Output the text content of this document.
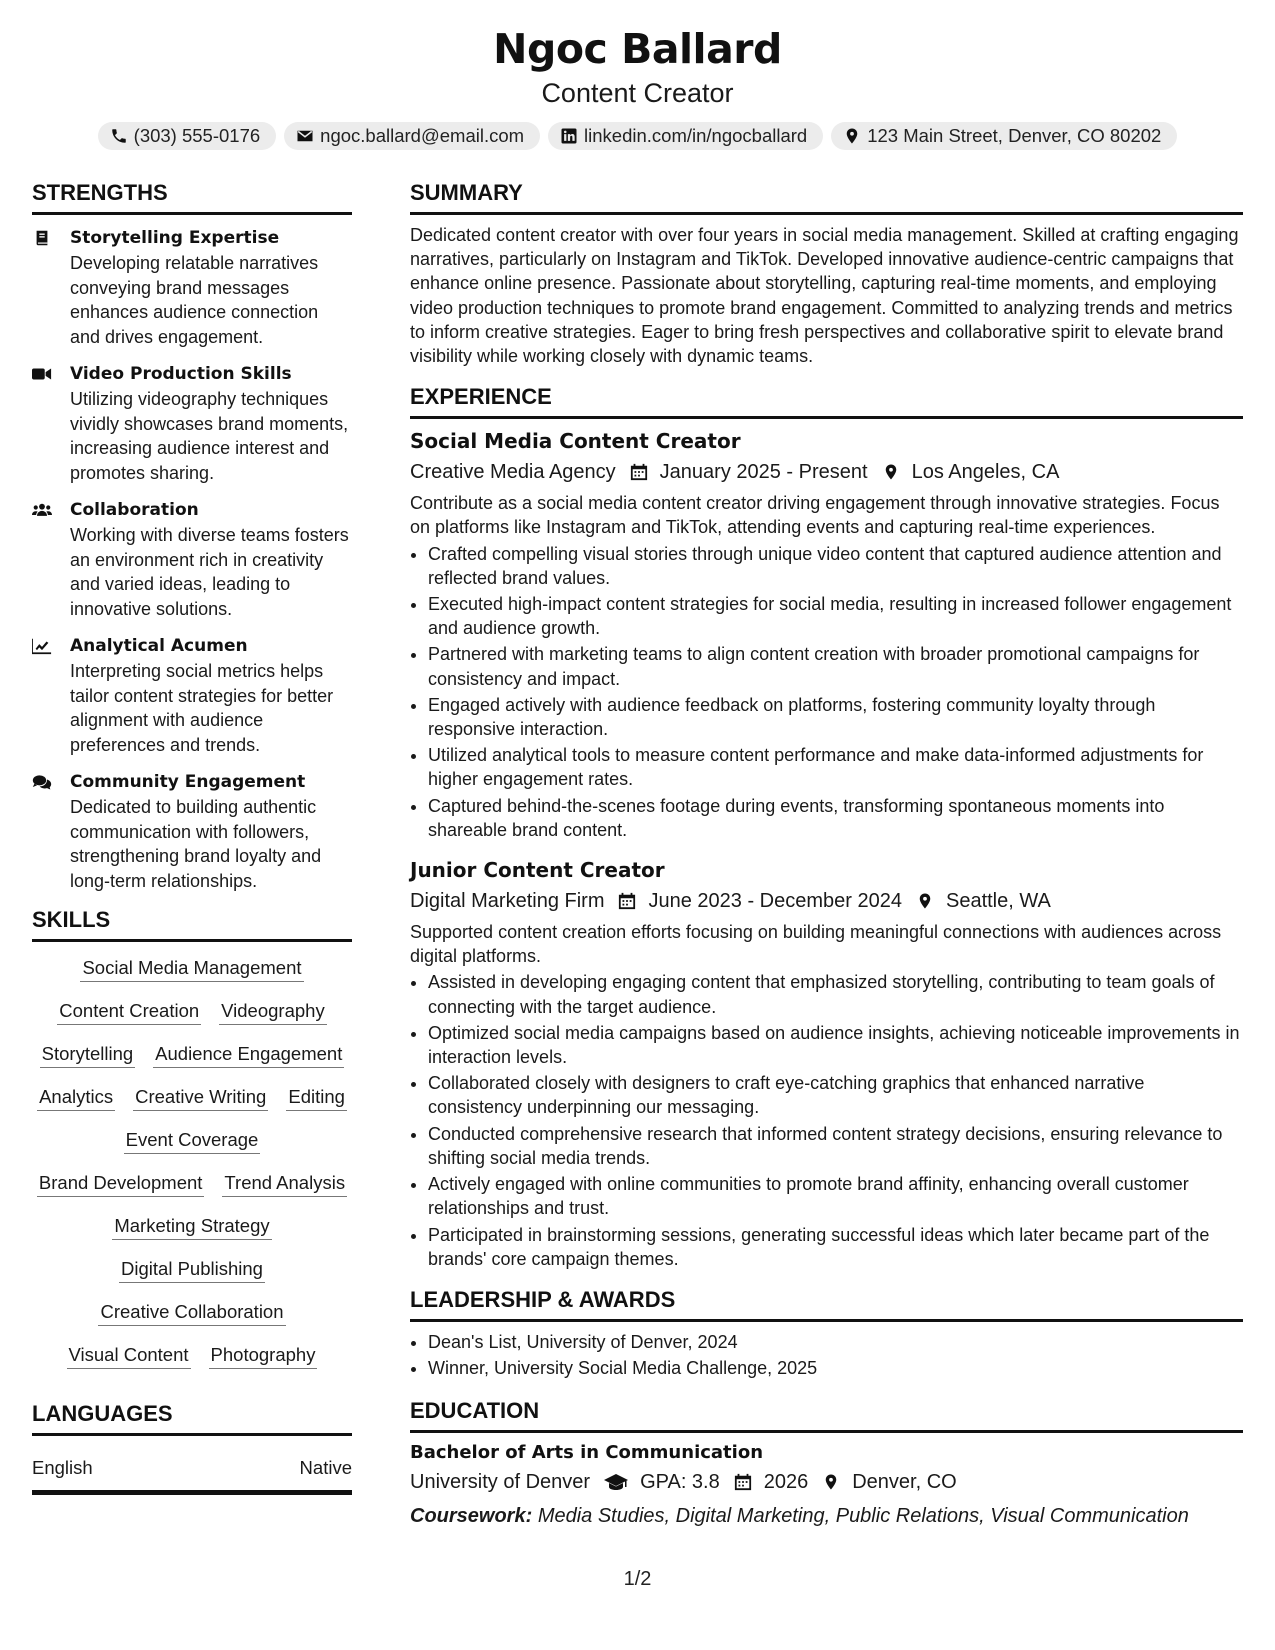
Ngoc Ballard
Content Creator
(303) 555-0176	ngoc.ballard@email.com	linkedin.com/in/ngocballard	123 Main Street, Denver, CO 80202
STRENGTHS
Storytelling Expertise
Developing relatable narratives conveying brand messages enhances audience connection and drives engagement.
Video Production Skills
Utilizing videography techniques vividly showcases brand moments, increasing audience interest and promotes sharing.
Collaboration
Working with diverse teams fosters an environment rich in creativity and varied ideas, leading to innovative solutions.
Analytical Acumen
Interpreting social metrics helps tailor content strategies for better alignment with audience preferences and trends.
Community Engagement
Dedicated to building authentic communication with followers, strengthening brand loyalty and long-term relationships.
SKILLS
Social Media Management
Content Creation Videography
Storytelling Audience Engagement
Analytics Creative Writing Editing
Event Coverage
Brand Development Trend Analysis
Marketing Strategy
Digital Publishing
Creative Collaboration
Visual Content Photography
LANGUAGES
English	Native
SUMMARY
Dedicated content creator with over four years in social media management. Skilled at crafting engaging narratives, particularly on Instagram and TikTok. Developed innovative audience-centric campaigns that enhance online presence. Passionate about storytelling, capturing real-time moments, and employing video production techniques to promote brand engagement. Committed to analyzing trends and metrics to inform creative strategies. Eager to bring fresh perspectives and collaborative spirit to elevate brand visibility while working closely with dynamic teams.
EXPERIENCE
Social Media Content Creator
Creative Media Agency January 2025 - Present Los Angeles, CA
Contribute as a social media content creator driving engagement through innovative strategies. Focus on platforms like Instagram and TikTok, attending events and capturing real-time experiences.
• Crafted compelling visual stories through unique video content that captured audience attention and reflected brand values.
• Executed high-impact content strategies for social media, resulting in increased follower engagement and audience growth.
• Partnered with marketing teams to align content creation with broader promotional campaigns for consistency and impact.
• Engaged actively with audience feedback on platforms, fostering community loyalty through responsive interaction.
• Utilized analytical tools to measure content performance and make data-informed adjustments for higher engagement rates.
• Captured behind-the-scenes footage during events, transforming spontaneous moments into shareable brand content.
Junior Content Creator
Digital Marketing Firm June 2023 - December 2024 Seattle, WA
Supported content creation efforts focusing on building meaningful connections with audiences across digital platforms.
• Assisted in developing engaging content that emphasized storytelling, contributing to team goals of connecting with the target audience.
• Optimized social media campaigns based on audience insights, achieving noticeable improvements in interaction levels.
• Collaborated closely with designers to craft eye-catching graphics that enhanced narrative consistency underpinning our messaging.
• Conducted comprehensive research that informed content strategy decisions, ensuring relevance to shifting social media trends.
• Actively engaged with online communities to promote brand affinity, enhancing overall customer relationships and trust.
• Participated in brainstorming sessions, generating successful ideas which later became part of the brands' core campaign themes.
LEADERSHIP & AWARDS
• Dean's List, University of Denver, 2024
• Winner, University Social Media Challenge, 2025
EDUCATION
Bachelor of Arts in Communication
University of Denver	GPA: 3.8 2026 Denver, CO
Coursework: Media Studies, Digital Marketing, Public Relations, Visual Communication
1/2
